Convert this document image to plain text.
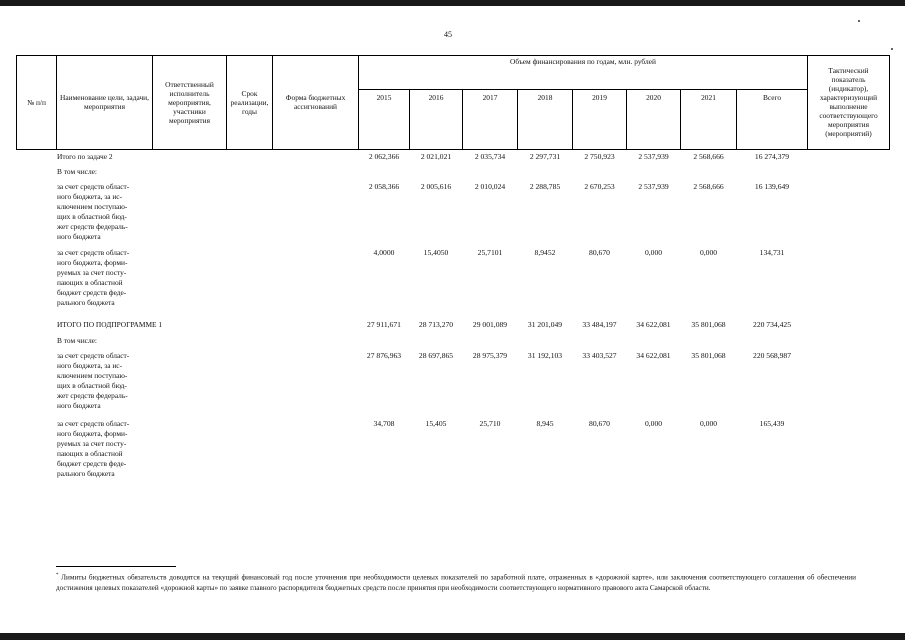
45
№ п/п	Наименование цели, задачи, мероприятия
Ответственный исполнитель мероприятия, участники мероприятия
Срок реализации, годы
Форма бюджетных ассигнований
Объем финансирования по годам, млн. рублей
2015	2016	2017	2018	2019	2020	2021	Всего
Тактический показатель (индикатор), характеризующий выполнение соответствующего мероприятия (мероприятий)
Итого по задаче 2	2 062,366	2 021,021	2 035,734	2 297,731	2 750,923	2 537,939	2 568,666	16 274,379
В том числе:
за счет средств област-
ного бюджета, за ис-
ключением поступаю-
щих в областной бюд-
жет средств федераль-
ного бюджета
2 058,366	2 005,616	2 010,024	2 288,785	2 670,253	2 537,939	2 568,666	16 139,649
за счет средств област-
ного бюджета, форми-
руемых за счет посту-
пающих в областной
бюджет средств феде-
рального бюджета
4,0000	15,4050	25,7101	8,9452	80,670	0,000	0,000	134,731
ИТОГО ПО ПОДПРОГРАММЕ 1	27 911,671	28 713,270	29 001,089	31 201,049	33 484,197	34 622,081	35 801,068	220 734,425
В том числе:
за счет средств област-
ного бюджета, за ис-
ключением поступаю-
щих в областной бюд-
жет средств федераль-
ного бюджета
27 876,963	28 697,865	28 975,379	31 192,103	33 403,527	34 622,081	35 801,068	220 568,987
за счет средств област-
ного бюджета, форми-
руемых за счет посту-
пающих в областной
бюджет средств феде-
рального бюджета
34,708	15,405	25,710	8,945	80,670	0,000	0,000	165,439
* Лимиты бюджетных обязательств доводятся на текущий финансовый год после уточнения при необходимости целевых показателей по заработной плате, отраженных в «дорожной карте», или заключения соответствующего соглашения об обеспечении достижения целевых показателей «дорожной карты» по заявке главного распорядителя бюджетных средств после принятия при необходимости соответствующего нормативного правового акта Самарской области.
